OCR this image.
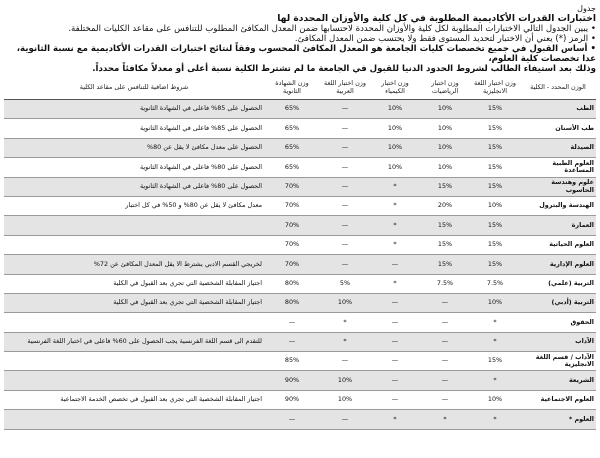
جدول
اختبارات القدرات الأكاديمية المطلوبة في كل كلية والأوزان المحددة لها
• يبين الجدول التالي الاختبارات المطلوبة لكل كلية والأوزان المحددة لاحتسابها ضمن المعدل المكافئ المطلوب للتنافس على مقاعد الكليات المختلفة.
• الرمز (*) يعني أن الاختبار لتحديد المستوى فقط ولا يحتسب ضمن المعدل المكافئ.
• أساس القبول في جميع تخصصات كليات الجامعة هو المعدل المكافئ المحسوب وفقاً لنتائج اختبارات القدرات الأكاديمية مع نسبة الثانوية، عدا تخصصات كلية العلوم،
وذلك بعد استيفاء الطالب لشروط الحدود الدنيا للقبول في الجامعة ما لم تشترط الكلية نسبة أعلى أو معدلاً مكافئاً محدداً.
الوزن المحدد - الكلية	وزن اختبار اللغة الانجليزية	وزن اختبار الرياضيات	وزن اختبار الكيمياء	وزن اختبار اللغة العربية	وزن الشهادة الثانوية	شروط اضافية للتنافس على مقاعد الكلية
الطب	15%	10%	10%	—	65%	الحصول على 85% فاعلى في الشهادة الثانوية
طب الأسنان	15%	10%	10%	—	65%	الحصول على 85% فاعلى في الشهادة الثانوية
الصيدلة	15%	10%	10%	—	65%	الحصول على معدل مكافئ لا يقل عن 80%
العلوم الطبية المساعدة	15%	10%	10%	—	65%	الحصول على 80% فاعلى في الشهادة الثانوية
علوم وهندسة الحاسوب	15%	15%	*	—	70%	الحصول على 80% فاعلى في الشهادة الثانوية
الهندسة والبترول	10%	20%	*	—	70%	معدل مكافئ لا يقل عن 80% و 50% في كل اختبار
العمارة	15%	15%	*	—	70%	
العلوم الحياتية	15%	15%	*	—	70%	
العلوم الإدارية	15%	15%	—	—	70%	لخريجي القسم الادبي يشترط الا يقل المعدل المكافئ عن 72%
التربية (علمي)	7.5%	7.5%	*	5%	80%	اجتياز المقابلة الشخصية التي تجري بعد القبول في الكلية
التربية (أدبي)	10%	—	—	10%	80%	اجتياز المقابلة الشخصية التي تجري بعد القبول في الكلية
الحقوق	*	—	—	*	—	
الآداب	*	—	—	*	—	للتقدم الى قسم اللغة الفرنسية يجب الحصول على 60% فاعلى في اختبار اللغة الفرنسية
الآداب / قسم اللغة الانجليزية	15%	—	—	—	85%	
الشريعة	*	—	—	10%	90%	
العلوم الاجتماعية	10%	—	—	10%	90%	اجتياز المقابلة الشخصية التي تجري بعد القبول في تخصص الخدمة الاجتماعية
العلوم *	*	*	*	—	—	
